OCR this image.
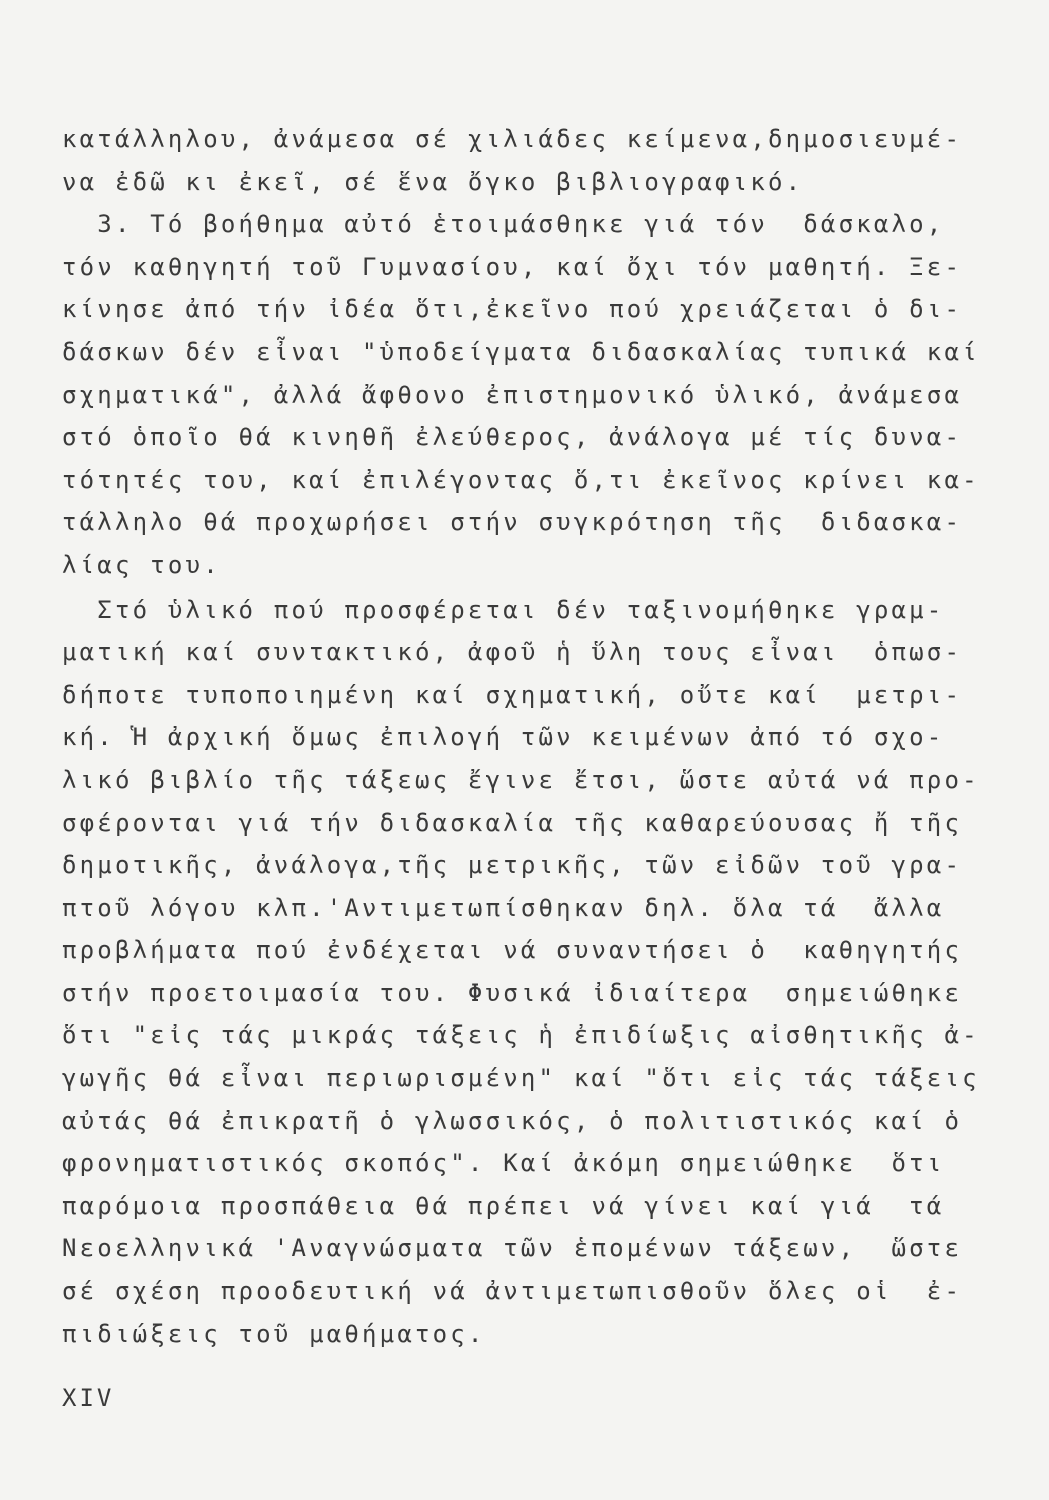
κατάλληλου, ἀνάμεσα σέ χιλιάδες κείμενα,δημοσιευμέ-
να ἐδῶ κι ἐκεῖ, σέ ἕνα ὄγκο βιβλιογραφικό.
3. Τό βοήθημα αὐτό ἑτοιμάσθηκε γιά τόν  δάσκαλο,
τόν καθηγητή τοῦ Γυμνασίου, καί ὄχι τόν μαθητή. Ξε-
κίνησε ἀπό τήν ἰδέα ὅτι,ἐκεῖνο πού χρειάζεται ὁ δι-
δάσκων δέν εἶναι "ὑποδείγματα διδασκαλίας τυπικά καί
σχηματικά", ἀλλά ἄφθονο ἐπιστημονικό ὑλικό, ἀνάμεσα
στό ὁποῖο θά κινηθῆ ἐλεύθερος, ἀνάλογα μέ τίς δυνα-
τότητές του, καί ἐπιλέγοντας ὅ,τι ἐκεῖνος κρίνει κα-
τάλληλο θά προχωρήσει στήν συγκρότηση τῆς  διδασκα-
λίας του.
Στό ὑλικό πού προσφέρεται δέν ταξινομήθηκε γραμ-
ματική καί συντακτικό, ἀφοῦ ἡ ὕλη τους εἶναι  ὁπωσ-
δήποτε τυποποιημένη καί σχηματική, οὔτε καί  μετρι-
κή. Ἡ ἀρχική ὅμως ἐπιλογή τῶν κειμένων ἀπό τό σχο-
λικό βιβλίο τῆς τάξεως ἔγινε ἔτσι, ὥστε αὐτά νά προ-
σφέρονται γιά τήν διδασκαλία τῆς καθαρεύουσας ἤ τῆς
δημοτικῆς, ἀνάλογα,τῆς μετρικῆς, τῶν εἰδῶν τοῦ γρα-
πτοῦ λόγου κλπ.'Αντιμετωπίσθηκαν δηλ. ὅλα τά  ἄλλα
προβλήματα πού ἐνδέχεται νά συναντήσει ὁ  καθηγητής
στήν προετοιμασία του. Φυσικά ἰδιαίτερα  σημειώθηκε
ὅτι "εἰς τάς μικράς τάξεις ἡ ἐπιδίωξις αἰσθητικῆς ἀ-
γωγῆς θά εἶναι περιωρισμένη" καί "ὅτι εἰς τάς τάξεις
αὐτάς θά ἐπικρατῆ ὁ γλωσσικός, ὁ πολιτιστικός καί ὁ
φρονηματιστικός σκοπός". Καί ἀκόμη σημειώθηκε  ὅτι
παρόμοια προσπάθεια θά πρέπει νά γίνει καί γιά  τά
Νεοελληνικά 'Αναγνώσματα τῶν ἑπομένων τάξεων,  ὥστε
σέ σχέση προοδευτική νά ἀντιμετωπισθοῦν ὅλες οἱ  ἐ-
πιδιώξεις τοῦ μαθήματος.
XIV
